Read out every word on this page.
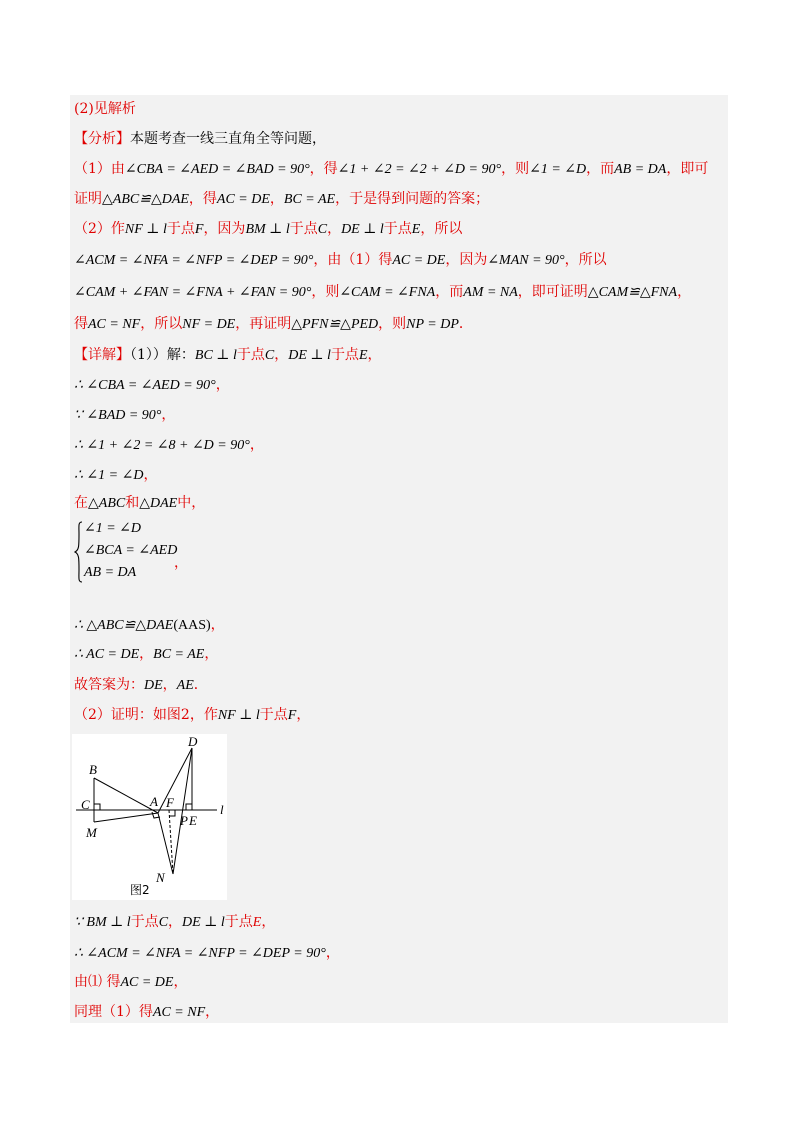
(2)见解析
【分析】本题考查一线三直角全等问题，
（1）由∠CBA = ∠AED = ∠BAD = 90°，得∠1 + ∠2 = ∠2 + ∠D = 90°，则∠1 = ∠D，而AB = DA，即可
证明△ABC≌△DAE，得AC = DE，BC = AE，于是得到问题的答案；
（2）作NF ⊥ l于点F，因为BM ⊥ l于点C，DE ⊥ l于点E，所以
∠ACM = ∠NFA = ∠NFP = ∠DEP = 90°，由（1）得AC = DE，因为∠MAN = 90°，所以
∠CAM + ∠FAN = ∠FNA + ∠FAN = 90°，则∠CAM = ∠FNA，而AM = NA，即可证明△CAM≌△FNA，
得AC = NF，所以NF = DE，再证明△PFN≌△PED，则NP = DP．
【详解】（1））解：BC ⊥ l于点C，DE ⊥ l于点E，
∴ ∠CBA = ∠AED = 90°，
∵ ∠BAD = 90°，
∴ ∠1 + ∠2 = ∠8 + ∠D = 90°，
∴ ∠1 = ∠D，
在△ABC和△DAE中，
∠1 = ∠D
∠BCA = ∠AED
AB = DA
，
∴ △ABC≌△DAE(AAS)，
∴ AC = DE，BC = AE，
故答案为：DE，AE．
（2）证明：如图2，作NF ⊥ l于点F，
B
C
M
A F
D
P E
N
l
图2
∵ BM ⊥ l于点C，DE ⊥ l于点E，
∴ ∠ACM = ∠NFA = ∠NFP = ∠DEP = 90°，
由⑴ 得AC = DE，
同理（1）得AC = NF，
